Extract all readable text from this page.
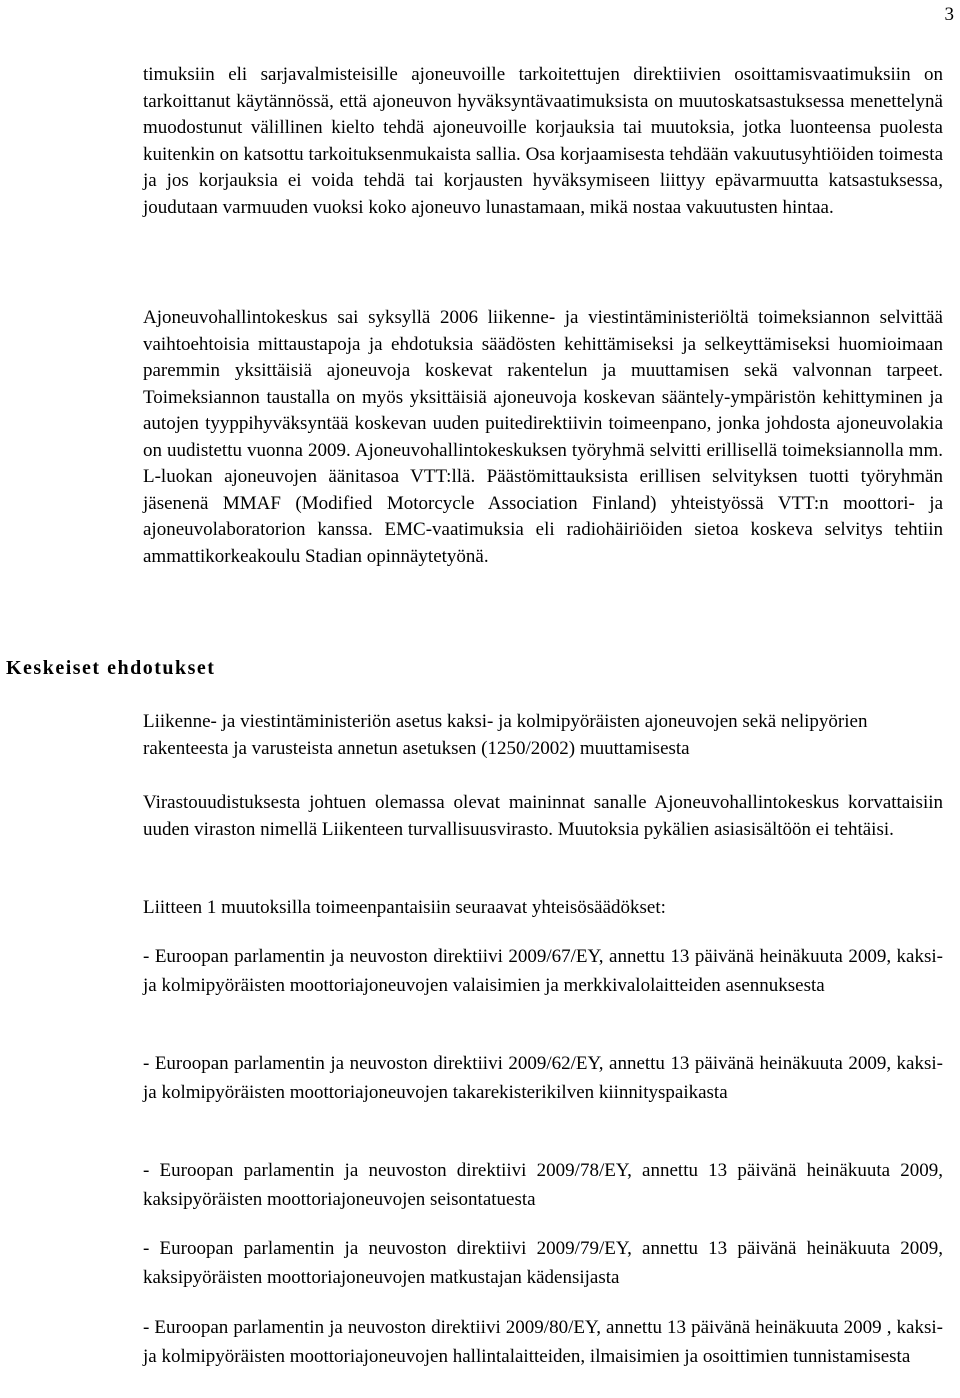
3

timuksiin eli sarjavalmisteisille ajoneuvoille tarkoitettujen direktiivien osoittamisvaatimuksiin on tarkoittanut käytännössä, että ajoneuvon hyväksyntävaatimuksista on muutoskatsastuksessa menettelynä muodostunut välillinen kielto tehdä ajoneuvoille korjauksia tai muutoksia, jotka luonteensa puolesta kuitenkin on katsottu tarkoituksenmukaista sallia. Osa korjaamisesta tehdään vakuutusyhtiöiden toimesta ja jos korjauksia ei voida tehdä tai korjausten hyväksymiseen liittyy epävarmuutta katsastuksessa, joudutaan varmuuden vuoksi koko ajoneuvo lunastamaan, mikä nostaa vakuutusten hintaa.

Ajoneuvohallintokeskus sai syksyllä 2006 liikenne- ja viestintäministeriöltä toimeksiannon selvittää vaihtoehtoisia mittaustapoja ja ehdotuksia säädösten kehittämiseksi ja selkeyttämiseksi huomioimaan paremmin yksittäisiä ajoneuvoja koskevat rakentelun ja muuttamisen sekä valvonnan tarpeet. Toimeksiannon taustalla on myös yksittäisiä ajoneuvoja koskevan sääntely-ympäristön kehittyminen ja autojen tyyppihyväksyntää koskevan uuden puitedirektiivin toimeenpano, jonka johdosta ajoneuvolakia on uudistettu vuonna 2009. Ajoneuvohallintokeskuksen työryhmä selvitti erillisellä toimeksiannolla mm. L-luokan ajoneuvojen äänitasoa VTT:llä. Päästömittauksista erillisen selvityksen tuotti työryhmän jäsenenä MMAF (Modified Motorcycle Association Finland) yhteistyössä VTT:n moottori- ja ajoneuvolaboratorion kanssa. EMC-vaatimuksia eli radiohäiriöiden sietoa koskeva selvitys tehtiin ammattikorkeakoulu Stadian opinnäytetyönä.

Keskeiset ehdotukset

Liikenne- ja viestintäministeriön asetus kaksi- ja kolmipyöräisten ajoneuvojen sekä nelipyörien rakenteesta ja varusteista annetun asetuksen (1250/2002) muuttamisesta

Virastouudistuksesta johtuen olemassa olevat maininnat sanalle Ajoneuvohallintokeskus korvattaisiin uuden viraston nimellä Liikenteen turvallisuusvirasto. Muutoksia pykälien asiasisältöön ei tehtäisi.

Liitteen 1 muutoksilla toimeenpantaisiin seuraavat yhteisösäädökset:

- Euroopan parlamentin ja neuvoston direktiivi 2009/67/EY, annettu 13 päivänä heinäkuuta 2009, kaksi- ja kolmipyöräisten moottoriajoneuvojen valaisimien ja merkkivalolaitteiden asennuksesta

- Euroopan parlamentin ja neuvoston direktiivi 2009/62/EY, annettu 13 päivänä heinäkuuta 2009, kaksi- ja kolmipyöräisten moottoriajoneuvojen takarekisterikilven kiinnityspaikasta

- Euroopan parlamentin ja neuvoston direktiivi 2009/78/EY, annettu 13 päivänä heinäkuuta 2009, kaksipyöräisten moottoriajoneuvojen seisontatuesta

- Euroopan parlamentin ja neuvoston direktiivi 2009/79/EY, annettu 13 päivänä heinäkuuta 2009, kaksipyöräisten moottoriajoneuvojen matkustajan kädensijasta

- Euroopan parlamentin ja neuvoston direktiivi 2009/80/EY, annettu 13 päivänä heinäkuuta 2009 , kaksi- ja kolmipyöräisten moottoriajoneuvojen hallintalaitteiden, ilmaisimien ja osoittimien tunnistamisesta
